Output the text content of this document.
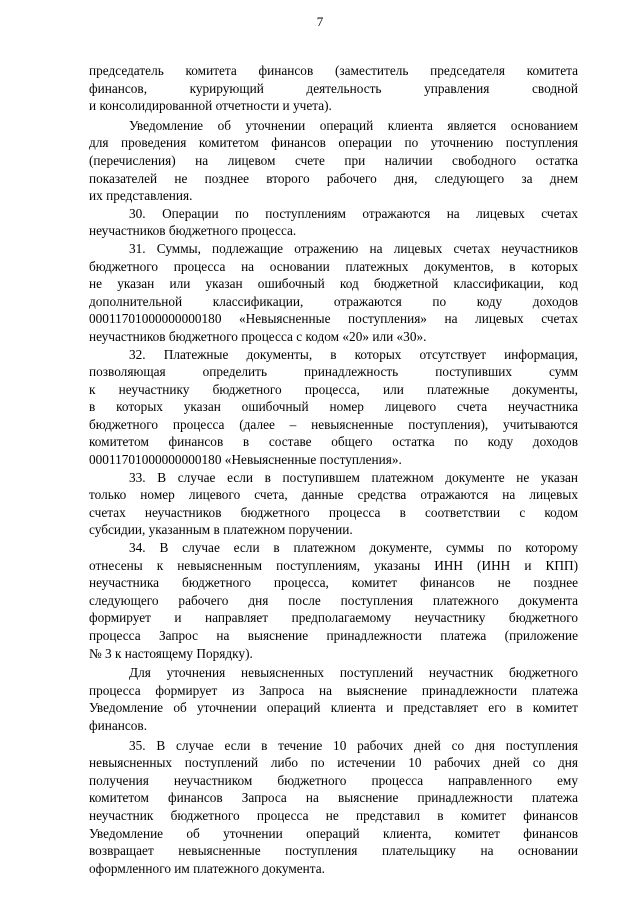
7
председатель комитета финансов (заместитель председателя комитета
финансов, курирующий деятельность управления сводной
и консолидированной отчетности и учета).
Уведомление об уточнении операций клиента является основанием
для проведения комитетом финансов операции по уточнению поступления
(перечисления) на лицевом счете при наличии свободного остатка
показателей не позднее второго рабочего дня, следующего за днем
их представления.
30. Операции по поступлениям отражаются на лицевых счетах
неучастников бюджетного процесса.
31. Суммы, подлежащие отражению на лицевых счетах неучастников
бюджетного процесса на основании платежных документов, в которых
не указан или указан ошибочный код бюджетной классификации, код
дополнительной классификации, отражаются по коду доходов
00011701000000000180 «Невыясненные поступления» на лицевых счетах
неучастников бюджетного процесса с кодом «20» или «30».
32. Платежные документы, в которых отсутствует информация,
позволяющая определить принадлежность поступивших сумм
к неучастнику бюджетного процесса, или платежные документы,
в которых указан ошибочный номер лицевого счета неучастника
бюджетного процесса (далее – невыясненные поступления), учитываются
комитетом финансов в составе общего остатка по коду доходов
00011701000000000180 «Невыясненные поступления».
33. В случае если в поступившем платежном документе не указан
только номер лицевого счета, данные средства отражаются на лицевых
счетах неучастников бюджетного процесса в соответствии с кодом
субсидии, указанным в платежном поручении.
34. В случае если в платежном документе, суммы по которому
отнесены к невыясненным поступлениям, указаны ИНН (ИНН и КПП)
неучастника бюджетного процесса, комитет финансов не позднее
следующего рабочего дня после поступления платежного документа
формирует и направляет предполагаемому неучастнику бюджетного
процесса Запрос на выяснение принадлежности платежа (приложение
№ 3 к настоящему Порядку).
Для уточнения невыясненных поступлений неучастник бюджетного
процесса формирует из Запроса на выяснение принадлежности платежа
Уведомление об уточнении операций клиента и представляет его в комитет
финансов.
35. В случае если в течение 10 рабочих дней со дня поступления
невыясненных поступлений либо по истечении 10 рабочих дней со дня
получения неучастником бюджетного процесса направленного ему
комитетом финансов Запроса на выяснение принадлежности платежа
неучастник бюджетного процесса не представил в комитет финансов
Уведомление об уточнении операций клиента, комитет финансов
возвращает невыясненные поступления плательщику на основании
оформленного им платежного документа.
